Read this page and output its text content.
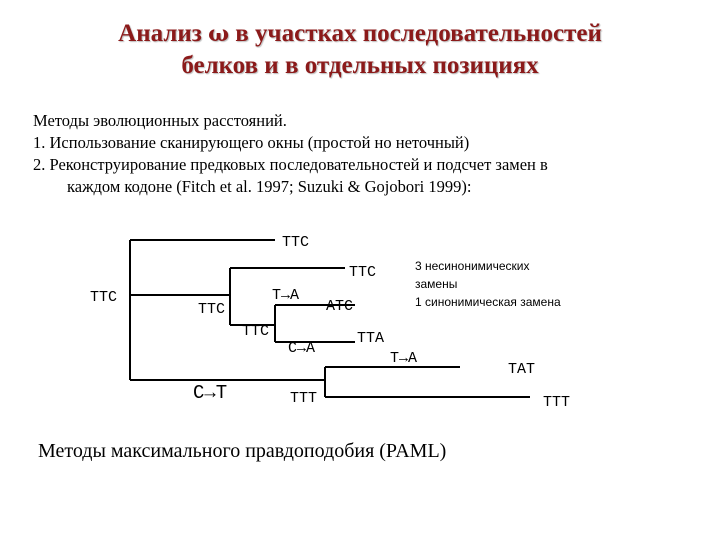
Анализ ω в участках последовательностей
белков и в отдельных позициях
Методы эволюционных расстояний.
1. Использование сканирующего окны (простой но неточный)
2. Реконструирование предковых последовательностей и подсчет замен в
каждом кодоне (Fitch et al. 1997; Suzuki & Gojobori 1999):
TTC
TTC
TTC
TTC
TTC
ATC
TTA
TAT
TTT	TTT
T→A
C→A
T→A
C→T
3 несинонимических
замены
1 синонимическая замена
Методы максимального правдоподобия (PAML)
